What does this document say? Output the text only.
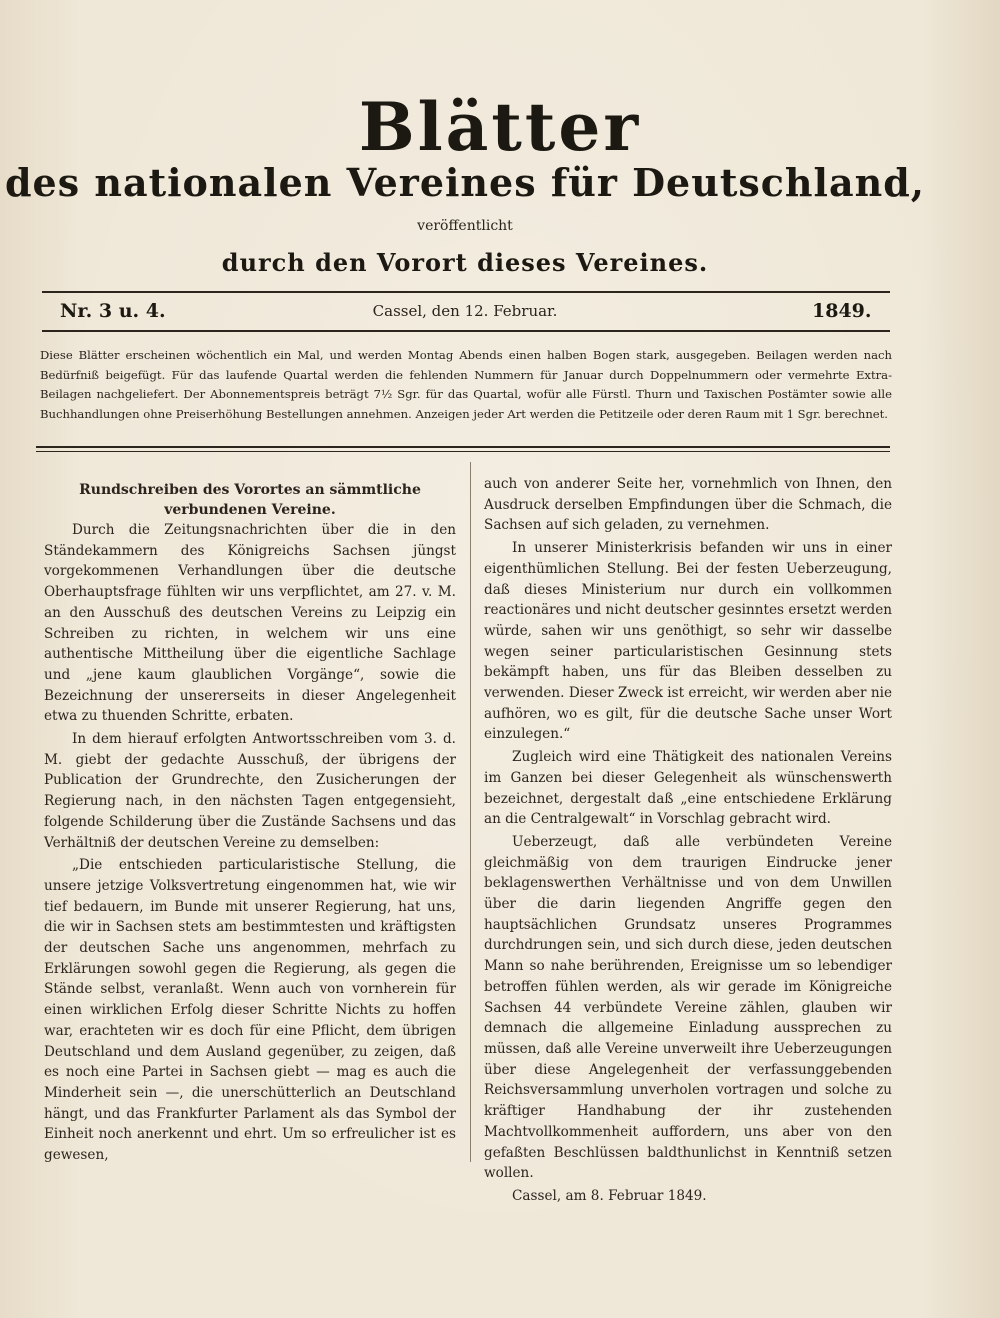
Blätter
des nationalen Vereines für Deutschland,
veröffentlicht
durch den Vorort dieses Vereines.
Nr. 3 u. 4.	Cassel, den 12. Februar.	1849.
Diese Blätter erscheinen wöchentlich ein Mal, und werden Montag Abends einen halben Bogen stark, ausgegeben. Beilagen werden nach Bedürfniß beigefügt. Für das laufende Quartal werden die fehlenden Nummern für Januar durch Doppelnummern oder vermehrte Extra-Beilagen nachgeliefert. Der Abonnementspreis beträgt 7½ Sgr. für das Quartal, wofür alle Fürstl. Thurn und Taxischen Postämter sowie alle Buchhandlungen ohne Preiserhöhung Bestellungen annehmen. Anzeigen jeder Art werden die Petitzeile oder deren Raum mit 1 Sgr. berechnet.

Rundschreiben des Vorortes an sämmtliche verbundenen Vereine.

Durch die Zeitungsnachrichten über die in den Ständekammern des Königreichs Sachsen jüngst vorgekommenen Verhandlungen über die deutsche Oberhauptsfrage fühlten wir uns verpflichtet, am 27. v. M. an den Ausschuß des deutschen Vereins zu Leipzig ein Schreiben zu richten, in welchem wir uns eine authentische Mittheilung über die eigentliche Sachlage und „jene kaum glaublichen Vorgänge“, sowie die Bezeichnung der unsererseits in dieser Angelegenheit etwa zu thuenden Schritte, erbaten.

In dem hierauf erfolgten Antwortsschreiben vom 3. d. M. giebt der gedachte Ausschuß, der übrigens der Publication der Grundrechte, den Zusicherungen der Regierung nach, in den nächsten Tagen entgegensieht, folgende Schilderung über die Zustände Sachsens und das Verhältniß der deutschen Vereine zu demselben:

„Die entschieden particularistische Stellung, die unsere jetzige Volksvertretung eingenommen hat, wie wir tief bedauern, im Bunde mit unserer Regierung, hat uns, die wir in Sachsen stets am bestimmtesten und kräftigsten der deutschen Sache uns angenommen, mehrfach zu Erklärungen sowohl gegen die Regierung, als gegen die Stände selbst, veranlaßt. Wenn auch von vornherein für einen wirklichen Erfolg dieser Schritte Nichts zu hoffen war, erachteten wir es doch für eine Pflicht, dem übrigen Deutschland und dem Ausland gegenüber, zu zeigen, daß es noch eine Partei in Sachsen giebt — mag es auch die Minderheit sein —, die unerschütterlich an Deutschland hängt, und das Frankfurter Parlament als das Symbol der Einheit noch anerkennt und ehrt. Um so erfreulicher ist es gewesen,

auch von anderer Seite her, vornehmlich von Ihnen, den Ausdruck derselben Empfindungen über die Schmach, die Sachsen auf sich geladen, zu vernehmen.

In unserer Ministerkrisis befanden wir uns in einer eigenthümlichen Stellung. Bei der festen Ueberzeugung, daß dieses Ministerium nur durch ein vollkommen reactionäres und nicht deutscher gesinntes ersetzt werden würde, sahen wir uns genöthigt, so sehr wir dasselbe wegen seiner particularistischen Gesinnung stets bekämpft haben, uns für das Bleiben desselben zu verwenden. Dieser Zweck ist erreicht, wir werden aber nie aufhören, wo es gilt, für die deutsche Sache unser Wort einzulegen.“

Zugleich wird eine Thätigkeit des nationalen Vereins im Ganzen bei dieser Gelegenheit als wünschenswerth bezeichnet, dergestalt daß „eine entschiedene Erklärung an die Centralgewalt“ in Vorschlag gebracht wird.

Ueberzeugt, daß alle verbündeten Vereine gleichmäßig von dem traurigen Eindrucke jener beklagenswerthen Verhältnisse und von dem Unwillen über die darin liegenden Angriffe gegen den hauptsächlichen Grundsatz unseres Programmes durchdrungen sein, und sich durch diese, jeden deutschen Mann so nahe berührenden, Ereignisse um so lebendiger betroffen fühlen werden, als wir gerade im Königreiche Sachsen 44 verbündete Vereine zählen, glauben wir demnach die allgemeine Einladung aussprechen zu müssen, daß alle Vereine unverweilt ihre Ueberzeugungen über diese Angelegenheit der verfassunggebenden Reichsversammlung unverholen vortragen und solche zu kräftiger Handhabung der ihr zustehenden Machtvollkommenheit auffordern, uns aber von den gefaßten Beschlüssen baldthunlichst in Kenntniß setzen wollen.

Cassel, am 8. Februar 1849.
